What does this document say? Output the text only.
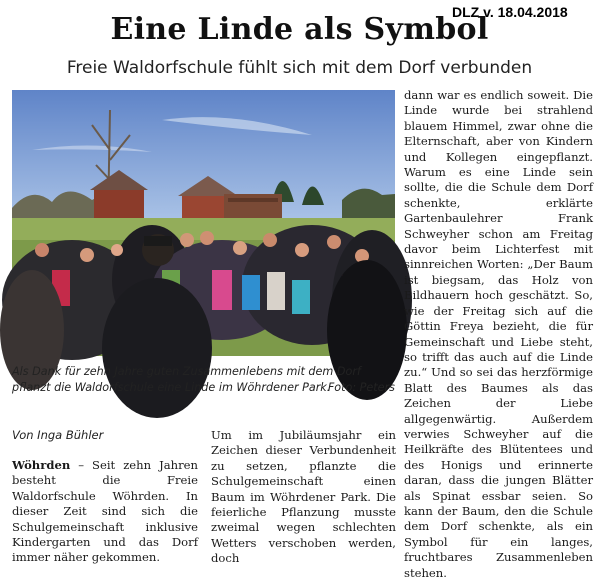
DLZ v. 18.04.2018
Eine Linde als Symbol
Freie Waldorfschule fühlt sich mit dem Dorf verbunden
Als Dank für zehn Jahre guten Zusammenlebens mit dem Dorf pflanzt die Waldorfschule eine Linde im Wöhrdener Park.
Foto: Peters
Von Inga Bühler

Wöhrden – Seit zehn Jahren besteht die Freie Waldorfschule Wöhrden. In dieser Zeit sind sich die Schulgemeinschaft inklusive Kindergarten und das Dorf immer näher gekommen.

Um im Jubiläumsjahr ein Zeichen dieser Verbundenheit zu setzen, pflanzte die Schulgemeinschaft einen Baum im Wöhrdener Park. Die feierliche Pflanzung musste zweimal wegen schlechten Wetters verschoben werden, doch

dann war es endlich soweit. Die Linde wurde bei strahlend blauem Himmel, zwar ohne die Elternschaft, aber von Kindern und Kollegen eingepflanzt. Warum es eine Linde sein sollte, die die Schule dem Dorf schenkte, erklärte Gartenbaulehrer Frank Schweyher schon am Freitag davor beim Lichterfest mit sinnreichen Worten: „Der Baum ist biegsam, das Holz von Bildhauern hoch geschätzt. So, wie der Freitag sich auf die Göttin Freya bezieht, die für Gemeinschaft und Liebe steht, so trifft das auch auf die Linde zu.“ Und so sei das herzförmige Blatt des Baumes als das Zeichen der Liebe allgegenwärtig. Außerdem verwies Schweyher auf die Heilkräfte des Blütentees und des Honigs und erinnerte daran, dass die jungen Blätter als Spinat essbar seien. So kann der Baum, den die Schule dem Dorf schenkte, als ein Symbol für ein langes, fruchtbares Zusammenleben stehen.
